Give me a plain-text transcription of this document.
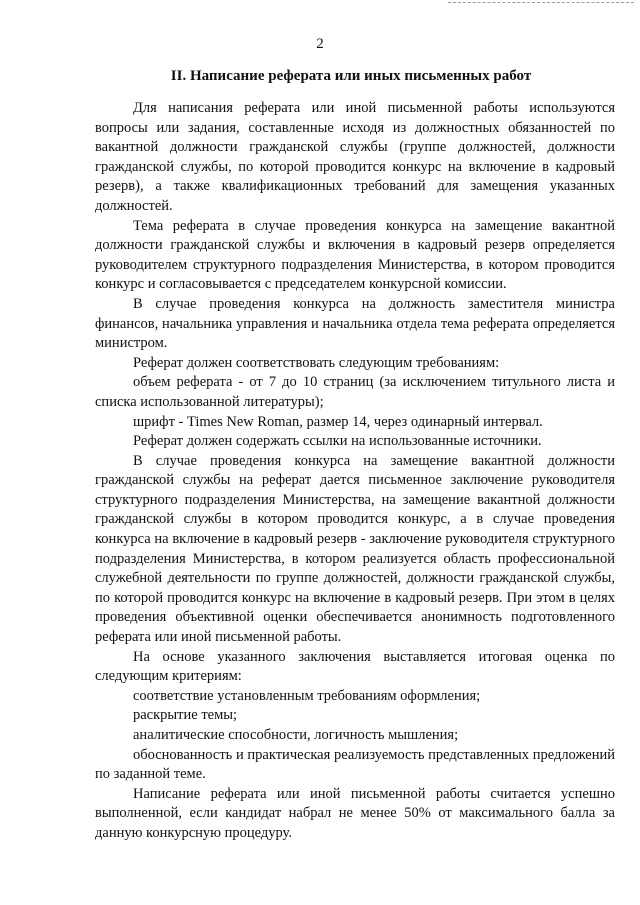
2
II. Написание реферата или иных письменных работ

Для написания реферата или иной письменной работы используются вопросы или задания, составленные исходя из должностных обязанностей по вакантной должности гражданской службы (группе должностей, должности гражданской службы, по которой проводится конкурс на включение в кадровый резерв), а также квалификационных требований для замещения указанных должностей.

Тема реферата в случае проведения конкурса на замещение вакантной должности гражданской службы и включения в кадровый резерв определяется руководителем структурного подразделения Министерства, в котором проводится конкурс и согласовывается с председателем конкурсной комиссии.

В случае проведения конкурса на должность заместителя министра финансов, начальника управления и начальника отдела тема реферата определяется министром.

Реферат должен соответствовать следующим требованиям:

объем реферата - от 7 до 10 страниц (за исключением титульного листа и списка использованной литературы);

шрифт - Times New Roman, размер 14, через одинарный интервал.

Реферат должен содержать ссылки на использованные источники.

В случае проведения конкурса на замещение вакантной должности гражданской службы на реферат дается письменное заключение руководителя структурного подразделения Министерства, на замещение вакантной должности гражданской службы в котором проводится конкурс, а в случае проведения конкурса на включение в кадровый резерв - заключение руководителя структурного подразделения Министерства, в котором реализуется область профессиональной служебной деятельности по группе должностей, должности гражданской службы, по которой проводится конкурс на включение в кадровый резерв. При этом в целях проведения объективной оценки обеспечивается анонимность подготовленного реферата или иной письменной работы.

На основе указанного заключения выставляется итоговая оценка по следующим критериям:

соответствие установленным требованиям оформления;

раскрытие темы;

аналитические способности, логичность мышления;

обоснованность и практическая реализуемость представленных предложений по заданной теме.

Написание реферата или иной письменной работы считается успешно выполненной, если кандидат набрал не менее 50% от максимального балла за данную конкурсную процедуру.
